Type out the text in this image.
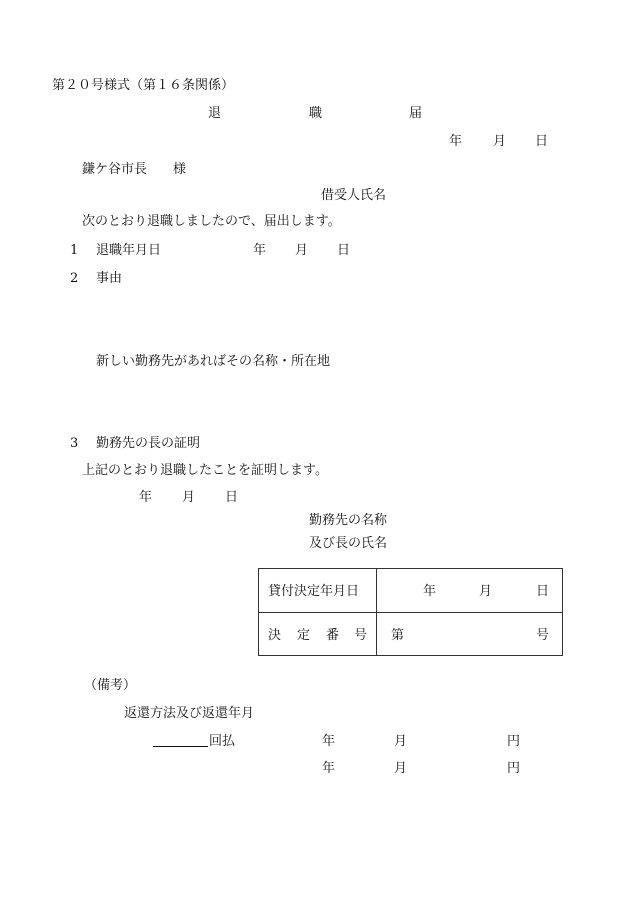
第２０号様式（第１６条関係）
退	職	届
年 月 日
鎌ケ谷市長　　様
借受人氏名
次のとおり退職しましたので、届出します。
1 退職年月日	年 月 日
2 事由
新しい勤務先があればその名称・所在地
3 勤務先の長の証明
上記のとおり退職したことを証明します。
年 月 日
勤務先の名称
及び長の氏名
貸付決定年月日	年	月	日
決 定 番 号 第	号
（備考）
返還方法及び返還年月
回払	年	月	円
年	月	円
